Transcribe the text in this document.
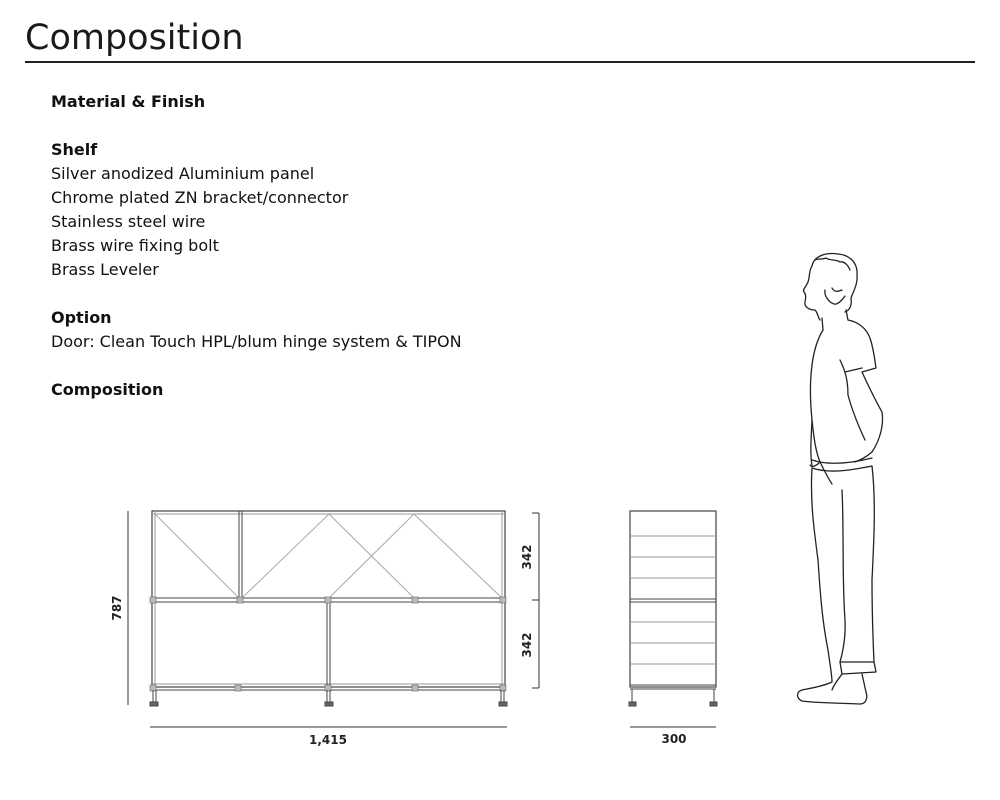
Composition
Material & Finish
Shelf
Silver anodized Aluminium panel
Chrome plated ZN bracket/connector
Stainless steel wire
Brass wire fixing bolt
Brass Leveler
Option
Door: Clean Touch HPL/blum hinge system & TIPON
Composition
787
342
342
1,415	300
